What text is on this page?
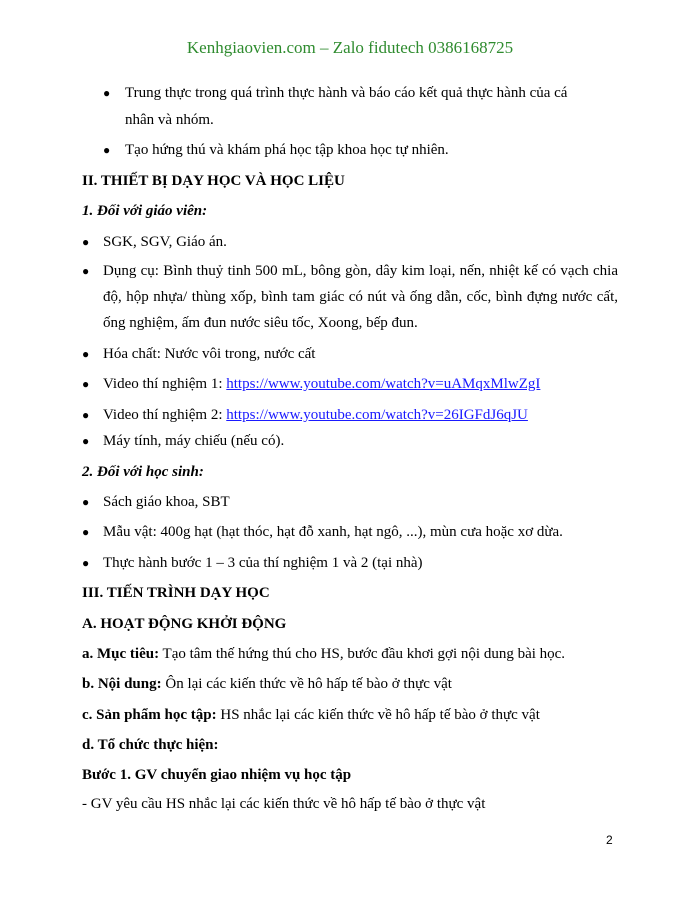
Kenhgiaovien.com – Zalo fidutech 0386168725
● Trung thực trong quá trình thực hành và báo cáo kết quả thực hành của cá
nhân và nhóm.
● Tạo hứng thú và khám phá học tập khoa học tự nhiên.
II. THIẾT BỊ DẠY HỌC VÀ HỌC LIỆU
1. Đối với giáo viên:
● SGK, SGV, Giáo án.
● Dụng cụ: Bình thuỷ tinh 500 mL, bông gòn, dây kim loại, nến, nhiệt kế có vạch chia độ, hộp nhựa/ thùng xốp, bình tam giác có nút và ống dẫn, cốc, bình đựng nước cất, ống nghiệm, ấm đun nước siêu tốc, Xoong, bếp đun.
● Hóa chất: Nước vôi trong, nước cất
● Video thí nghiệm 1: https://www.youtube.com/watch?v=uAMqxMlwZgI
● Video thí nghiệm 2: https://www.youtube.com/watch?v=26IGFdJ6qJU
● Máy tính, máy chiếu (nếu có).
2. Đối với học sinh:
● Sách giáo khoa, SBT
● Mẫu vật: 400g hạt (hạt thóc, hạt đỗ xanh, hạt ngô, ...), mùn cưa hoặc xơ dừa.
● Thực hành bước 1 – 3 của thí nghiệm 1 và 2 (tại nhà)
III. TIẾN TRÌNH DẠY HỌC
A. HOẠT ĐỘNG KHỞI ĐỘNG
a. Mục tiêu: Tạo tâm thế hứng thú cho HS, bước đầu khơi gợi nội dung bài học.
b. Nội dung: Ôn lại các kiến thức về hô hấp tế bào ở thực vật
c. Sản phẩm học tập: HS nhắc lại các kiến thức về hô hấp tế bào ở thực vật
d. Tổ chức thực hiện:
Bước 1. GV chuyển giao nhiệm vụ học tập
- GV yêu cầu HS nhắc lại các kiến thức về hô hấp tế bào ở thực vật
2
